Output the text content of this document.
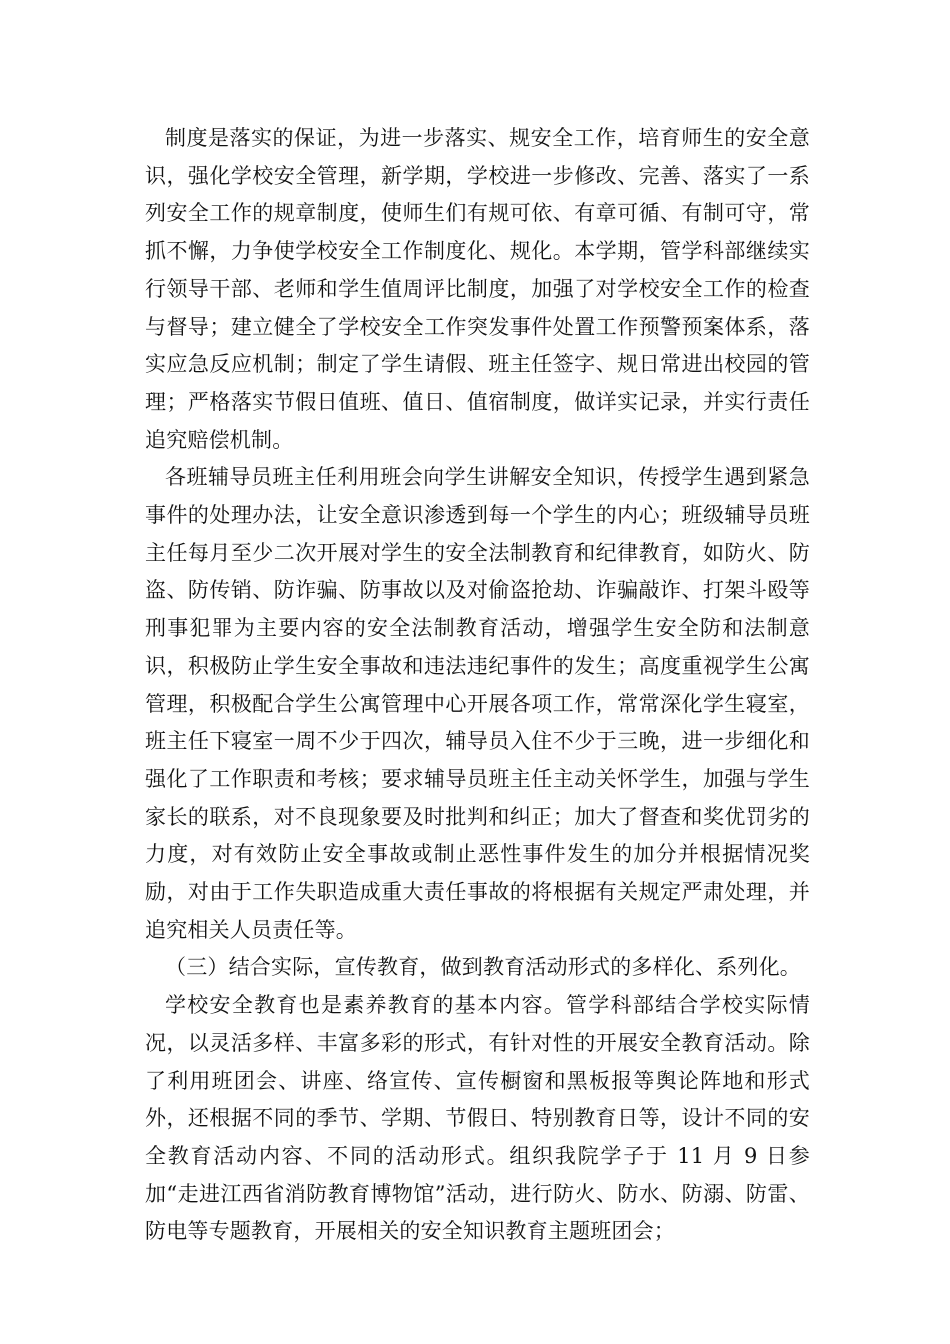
制度是落实的保证，为进一步落实、规安全工作，培育师生的安全意识，强化学校安全管理，新学期，学校进一步修改、完善、落实了一系列安全工作的规章制度，使师生们有规可依、有章可循、有制可守，常抓不懈，力争使学校安全工作制度化、规化。本学期，管学科部继续实行领导干部、老师和学生值周评比制度，加强了对学校安全工作的检查与督导；建立健全了学校安全工作突发事件处置工作预警预案体系，落实应急反应机制；制定了学生请假、班主任签字、规日常进出校园的管理；严格落实节假日值班、值日、值宿制度，做详实记录，并实行责任追究赔偿机制。

各班辅导员班主任利用班会向学生讲解安全知识，传授学生遇到紧急事件的处理办法，让安全意识渗透到每一个学生的内心；班级辅导员班主任每月至少二次开展对学生的安全法制教育和纪律教育，如防火、防盗、防传销、防诈骗、防事故以及对偷盗抢劫、诈骗敲诈、打架斗殴等刑事犯罪为主要内容的安全法制教育活动，增强学生安全防和法制意识，积极防止学生安全事故和违法违纪事件的发生；高度重视学生公寓管理，积极配合学生公寓管理中心开展各项工作，常常深化学生寝室，班主任下寝室一周不少于四次，辅导员入住不少于三晚，进一步细化和强化了工作职责和考核；要求辅导员班主任主动关怀学生，加强与学生家长的联系，对不良现象要及时批判和纠正；加大了督查和奖优罚劣的力度，对有效防止安全事故或制止恶性事件发生的加分并根据情况奖励，对由于工作失职造成重大责任事故的将根据有关规定严肃处理，并追究相关人员责任等。

（三）结合实际，宣传教育，做到教育活动形式的多样化、系列化。

学校安全教育也是素养教育的基本内容。管学科部结合学校实际情况，以灵活多样、丰富多彩的形式，有针对性的开展安全教育活动。除了利用班团会、讲座、络宣传、宣传橱窗和黑板报等舆论阵地和形式外，还根据不同的季节、学期、节假日、特别教育日等，设计不同的安全教育活动内容、不同的活动形式。组织我院学子于 11 月 9 日参加“走进江西省消防教育博物馆”活动，进行防火、防水、防溺、防雷、防电等专题教育，开展相关的安全知识教育主题班团会；
